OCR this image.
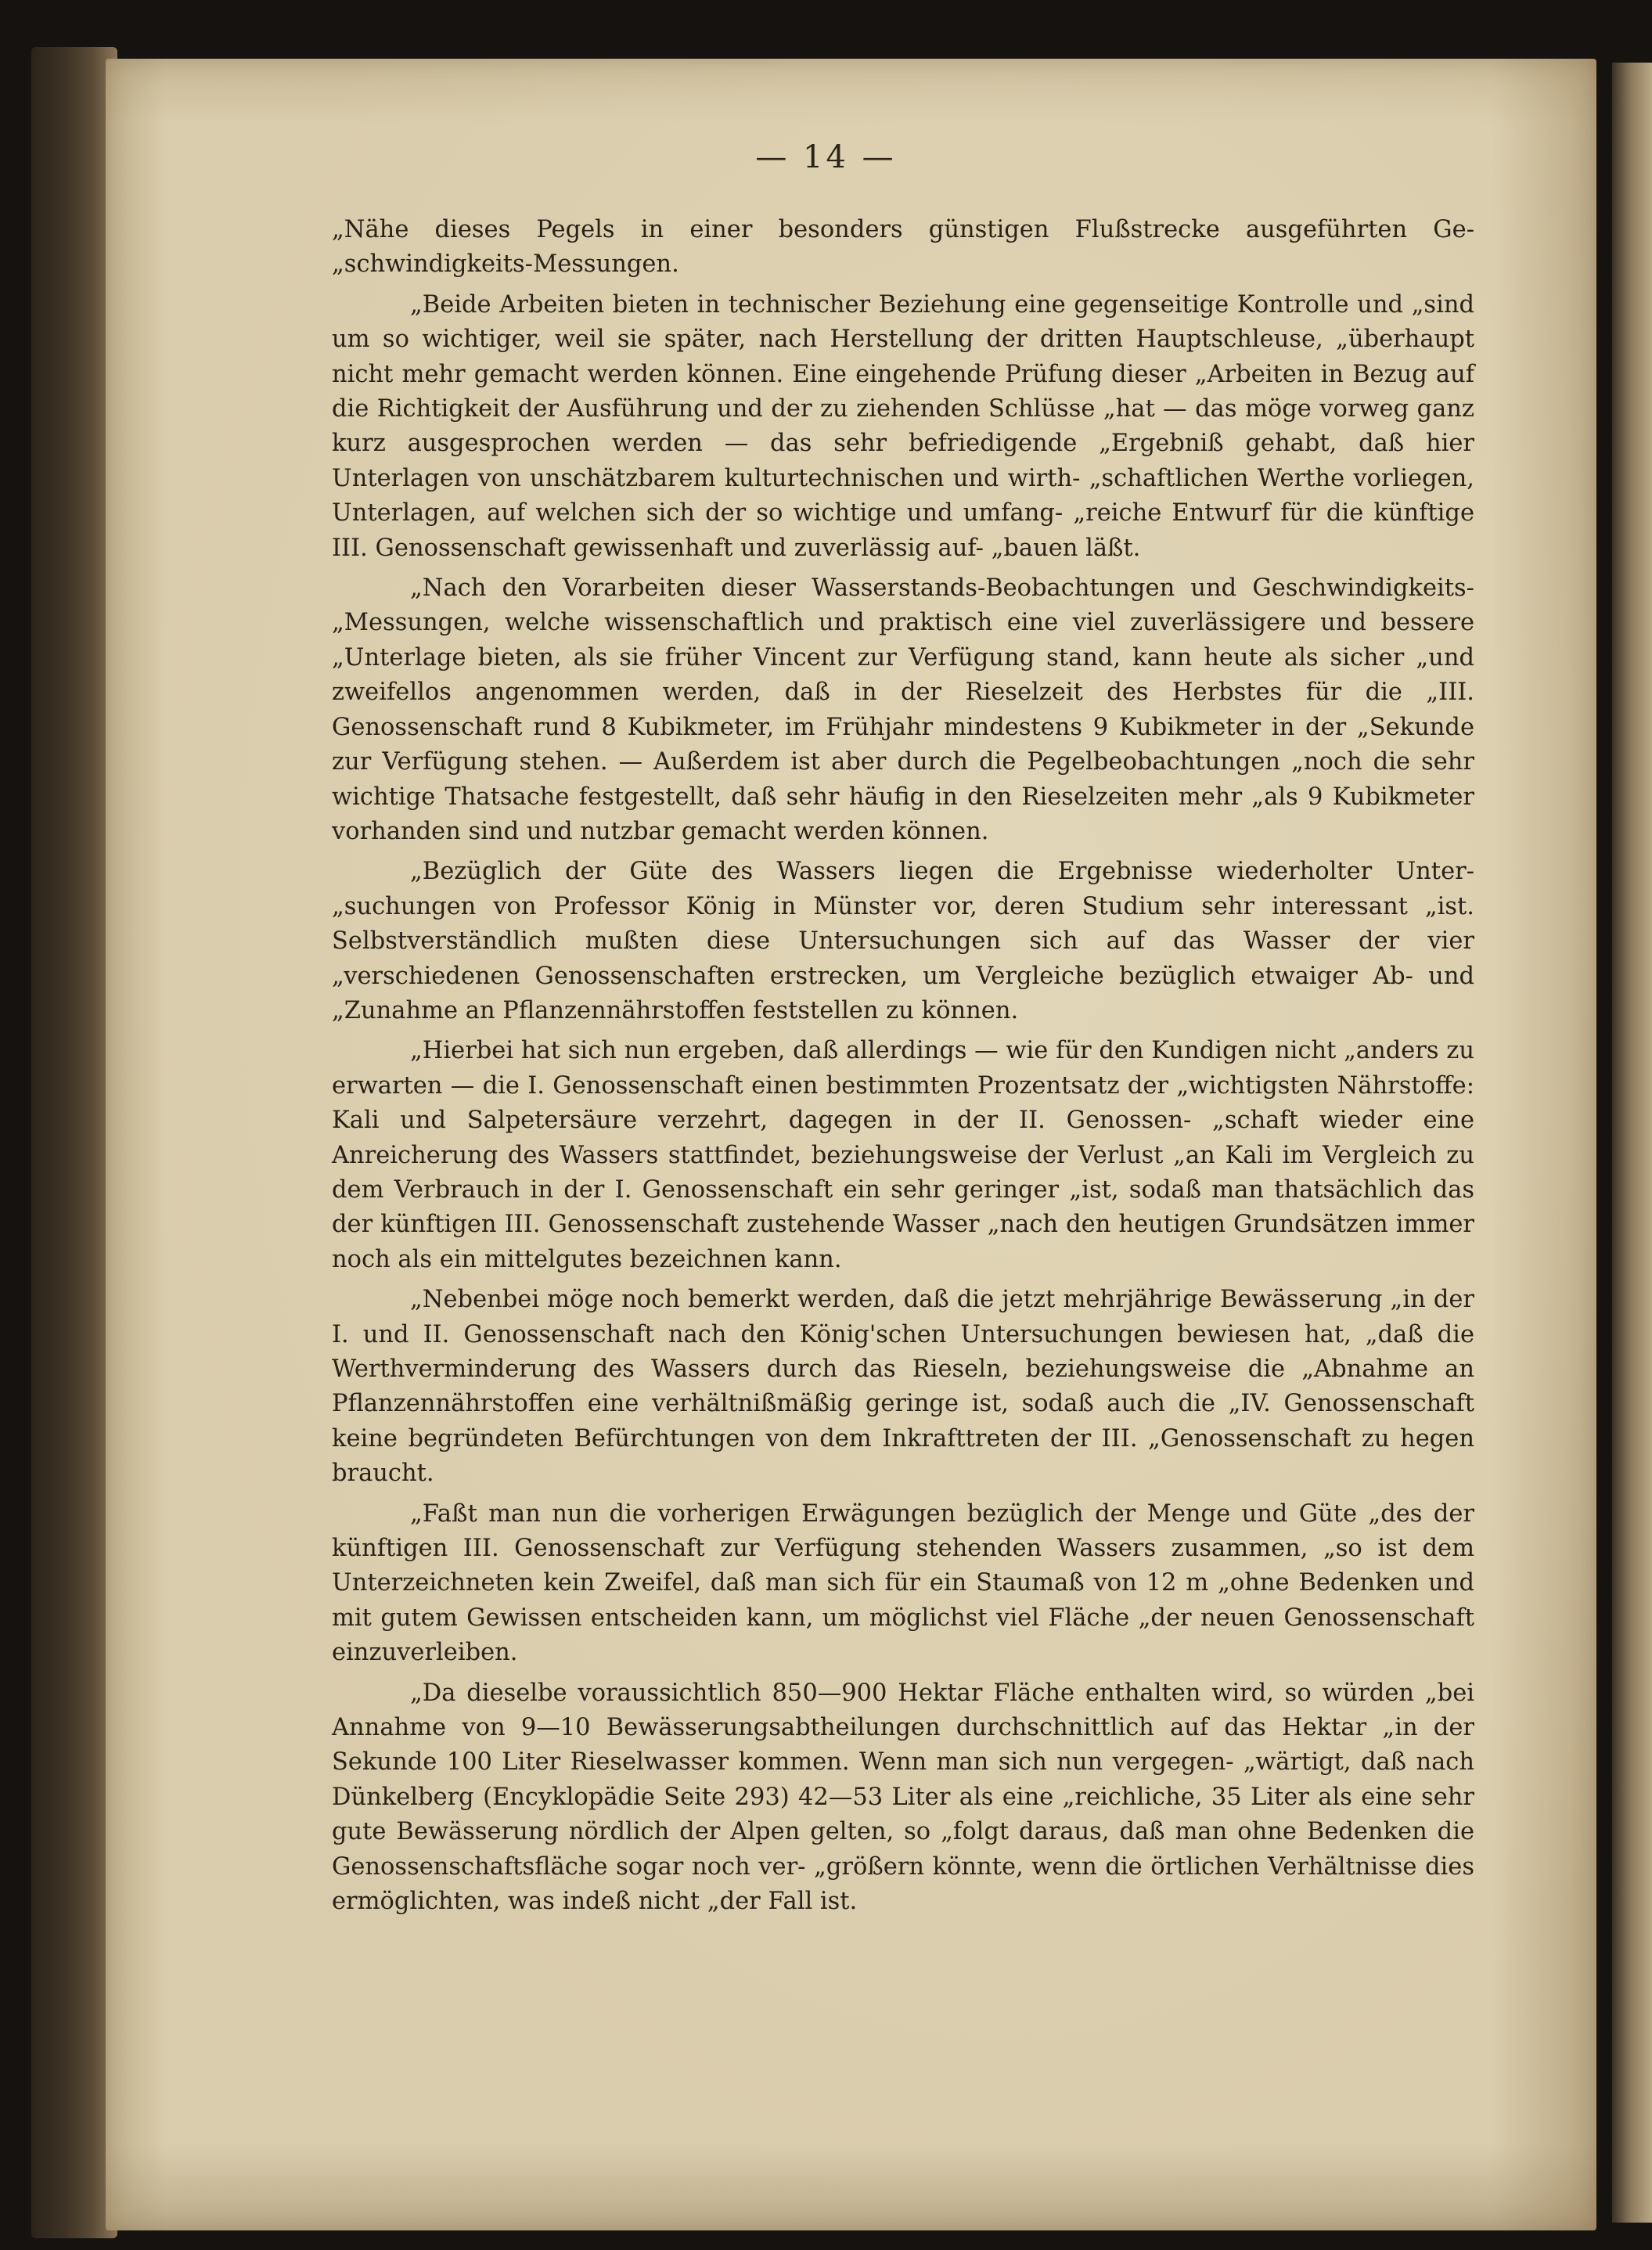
— 14 —

„Nähe dieses Pegels in einer besonders günstigen Flußstrecke ausgeführten Ge- „schwindigkeits-Messungen.

„Beide Arbeiten bieten in technischer Beziehung eine gegenseitige Kontrolle und „sind um so wichtiger, weil sie später, nach Herstellung der dritten Hauptschleuse, „überhaupt nicht mehr gemacht werden können. Eine eingehende Prüfung dieser „Arbeiten in Bezug auf die Richtigkeit der Ausführung und der zu ziehenden Schlüsse „hat — das möge vorweg ganz kurz ausgesprochen werden — das sehr befriedigende „Ergebniß gehabt, daß hier Unterlagen von unschätzbarem kulturtechnischen und wirth- „schaftlichen Werthe vorliegen, Unterlagen, auf welchen sich der so wichtige und umfang- „reiche Entwurf für die künftige III. Genossenschaft gewissenhaft und zuverlässig auf- „bauen läßt.

„Nach den Vorarbeiten dieser Wasserstands-Beobachtungen und Geschwindigkeits- „Messungen, welche wissenschaftlich und praktisch eine viel zuverlässigere und bessere „Unterlage bieten, als sie früher Vincent zur Verfügung stand, kann heute als sicher „und zweifellos angenommen werden, daß in der Rieselzeit des Herbstes für die „III. Genossenschaft rund 8 Kubikmeter, im Frühjahr mindestens 9 Kubikmeter in der „Sekunde zur Verfügung stehen. — Außerdem ist aber durch die Pegelbeobachtungen „noch die sehr wichtige Thatsache festgestellt, daß sehr häufig in den Rieselzeiten mehr „als 9 Kubikmeter vorhanden sind und nutzbar gemacht werden können.

„Bezüglich der Güte des Wassers liegen die Ergebnisse wiederholter Unter- „suchungen von Professor König in Münster vor, deren Studium sehr interessant „ist. Selbstverständlich mußten diese Untersuchungen sich auf das Wasser der vier „verschiedenen Genossenschaften erstrecken, um Vergleiche bezüglich etwaiger Ab- und „Zunahme an Pflanzennährstoffen feststellen zu können.

„Hierbei hat sich nun ergeben, daß allerdings — wie für den Kundigen nicht „anders zu erwarten — die I. Genossenschaft einen bestimmten Prozentsatz der „wichtigsten Nährstoffe: Kali und Salpetersäure verzehrt, dagegen in der II. Genossen- „schaft wieder eine Anreicherung des Wassers stattfindet, beziehungsweise der Verlust „an Kali im Vergleich zu dem Verbrauch in der I. Genossenschaft ein sehr geringer „ist, sodaß man thatsächlich das der künftigen III. Genossenschaft zustehende Wasser „nach den heutigen Grundsätzen immer noch als ein mittelgutes bezeichnen kann.

„Nebenbei möge noch bemerkt werden, daß die jetzt mehrjährige Bewässerung „in der I. und II. Genossenschaft nach den König'schen Untersuchungen bewiesen hat, „daß die Werthverminderung des Wassers durch das Rieseln, beziehungsweise die „Abnahme an Pflanzennährstoffen eine verhältnißmäßig geringe ist, sodaß auch die „IV. Genossenschaft keine begründeten Befürchtungen von dem Inkrafttreten der III. „Genossenschaft zu hegen braucht.

„Faßt man nun die vorherigen Erwägungen bezüglich der Menge und Güte „des der künftigen III. Genossenschaft zur Verfügung stehenden Wassers zusammen, „so ist dem Unterzeichneten kein Zweifel, daß man sich für ein Staumaß von 12 m „ohne Bedenken und mit gutem Gewissen entscheiden kann, um möglichst viel Fläche „der neuen Genossenschaft einzuverleiben.

„Da dieselbe voraussichtlich 850—900 Hektar Fläche enthalten wird, so würden „bei Annahme von 9—10 Bewässerungsabtheilungen durchschnittlich auf das Hektar „in der Sekunde 100 Liter Rieselwasser kommen. Wenn man sich nun vergegen- „wärtigt, daß nach Dünkelberg (Encyklopädie Seite 293) 42—53 Liter als eine „reichliche, 35 Liter als eine sehr gute Bewässerung nördlich der Alpen gelten, so „folgt daraus, daß man ohne Bedenken die Genossenschaftsfläche sogar noch ver- „größern könnte, wenn die örtlichen Verhältnisse dies ermöglichten, was indeß nicht „der Fall ist.
